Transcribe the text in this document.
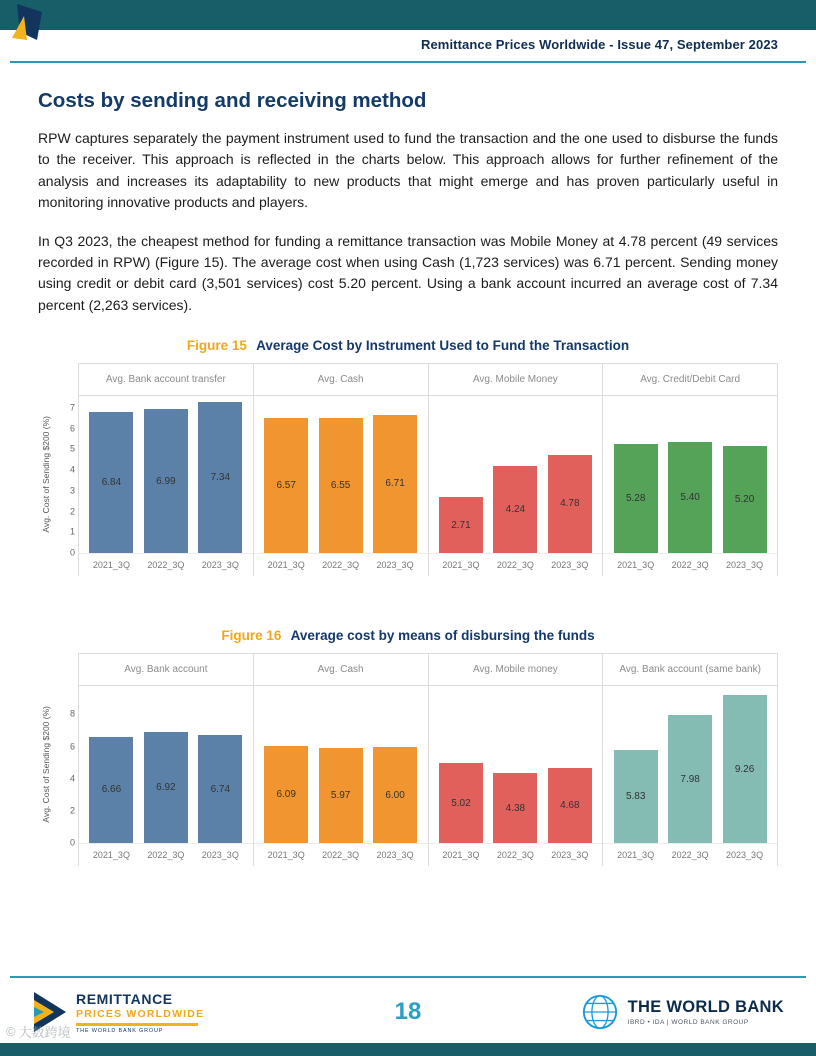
Remittance Prices Worldwide - Issue 47, September 2023
Costs by sending and receiving method

RPW captures separately the payment instrument used to fund the transaction and the one used to disburse the funds to the receiver. This approach is reflected in the charts below. This approach allows for further refinement of the analysis and increases its adaptability to new products that might emerge and has proven particularly useful in monitoring innovative products and players.

In Q3 2023, the cheapest method for funding a remittance transaction was Mobile Money at 4.78 percent (49 services recorded in RPW) (Figure 15). The average cost when using Cash (1,723 services) was 6.71 percent. Sending money using credit or debit card (3,501 services) cost 5.20 percent. Using a bank account incurred an average cost of 7.34 percent (2,263 services).

Figure 15 Average Cost by Instrument Used to Fund the Transaction
Avg. Cost of Sending $200 (%)
0
1
2
3
4
5
6
7
Avg. Bank account transfer
6.84	6.99	7.34
2021_3Q	2022_3Q	2023_3Q
Avg. Cash
6.57	6.55	6.71
2021_3Q	2022_3Q	2023_3Q
Avg. Mobile Money
2.71
4.24
4.78
2021_3Q	2022_3Q	2023_3Q
Avg. Credit/Debit Card
5.28	5.40	5.20
2021_3Q	2022_3Q	2023_3Q
Figure 16 Average cost by means of disbursing the funds
Avg. Cost of Sending $200 (%)
0
2
4
6
8
Avg. Bank account
6.66	6.92	6.74
2021_3Q	2022_3Q	2023_3Q
Avg. Cash
6.09	5.97	6.00
2021_3Q	2022_3Q	2023_3Q
Avg. Mobile money
5.02	4.38	4.68
2021_3Q	2022_3Q	2023_3Q
Avg. Bank account (same bank)
5.83
7.98
9.26
2021_3Q	2022_3Q	2023_3Q
REMITTANCE
PRICES WORLDWIDE
THE WORLD BANK GROUP
18	THE WORLD BANK
IBRD • IDA | WORLD BANK GROUP
© 大数跨境
